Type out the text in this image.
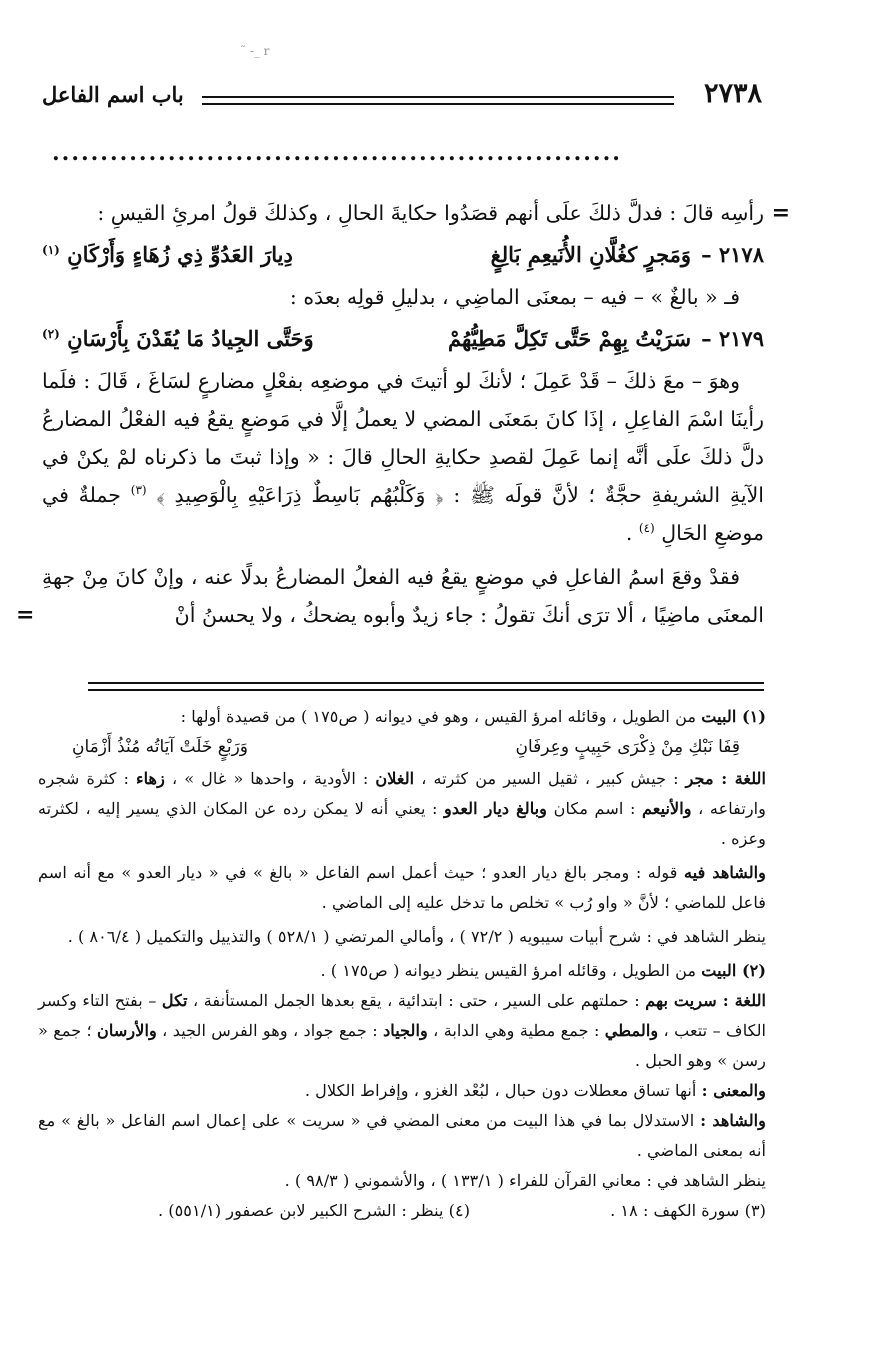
˜ -_ r
باب اسم الفاعل	٢٧٣٨
...........................................................

=
رأسِه قالَ : فدلَّ ذلكَ علَى أنهم قصَدُوا حكايةَ الحالِ ، وكذلكَ قولُ امرئِ القيسِ :

٢١٧٨ –
وَمَجرٍ كغُلَّانِ الأُنَيعِمِ بَالِغٍ
دِيارَ العَدُوِّ ذِي زُهَاءٍ وَأَرْكَانِ $^{(١)}$

فـ « بالغٌ » – فيه – بمعنَى الماضِي ، بدليلِ قولِه بعدَه :

٢١٧٩ –
سَرَيْتُ بِهِمْ حَتَّى تَكِلَّ مَطِيُّهُمْ
وَحَتَّى الجِيادُ مَا يُقَدْنَ بِأَرْسَانِ $^{(٢)}$

وهوَ – معَ ذلكَ – قَدْ عَمِلَ ؛ لأنكَ لو أتيتَ في موضعِه بفعْلٍ مضارعٍ لسَاغَ ، قَالَ : فلَما رأينَا اسْمَ الفاعِلِ ، إذَا كانَ بمَعنَى المضي لا يعملُ إلَّا في مَوضعٍ يقعُ فيه الفعْلُ المضارعُ دلَّ ذلكَ علَى أنَّه إنما عَمِلَ لقصدِ حكايةِ الحالِ قالَ : « وإذا ثبتَ ما ذكرناه لمْ يكنْ في الآيةِ الشريفةِ حجَّةٌ ؛ لأنَّ قولَه ﷺ : ﴿ وَكَلْبُهُم بَاسِطٌ ذِرَاعَيْهِ بِالْوَصِيدِ ﴾ $^{(٣)}$ جملةٌ في موضعِ الحَالِ $^{(٤)}$ .

فقدْ وقعَ اسمُ الفاعلِ في موضعٍ يقعُ فيه الفعلُ المضارعُ بدلًا عنه ، وإنْ كانَ مِنْ جهةِ المعنَى ماضِيًا ، ألا ترَى أنكَ تقولُ : جاء زيدٌ وأبوه يضحكُ ، ولا يحسنُ أنْ
=

(١) البيت من الطويل ، وقائله امرؤ القيس ، وهو في ديوانه ( ص١٧٥ ) من قصيدة أولها :

قِفَا نَبْكِ مِنْ ذِكْرَى حَبِيبٍ وعِرفَانِ
وَرَبْعٍ خَلَتْ آيَاتُه مُنْذُ أَزْمَانِ

اللغة : مجر : جيش كبير ، ثقيل السير من كثرته ، الغلان : الأودية ، واحدها « غال » ، زهاء : كثرة شجره وارتفاعه ، والأنيعم : اسم مكان وبالغ ديار العدو : يعني أنه لا يمكن رده عن المكان الذي يسير إليه ، لكثرته وعزه .

والشاهد فيه قوله : ومجر بالغ ديار العدو ؛ حيث أعمل اسم الفاعل « بالغ » في « ديار العدو » مع أنه اسم فاعل للماضي ؛ لأنَّ « واو رُب » تخلص ما تدخل عليه إلى الماضي .

ينظر الشاهد في : شرح أبيات سيبويه ( ٧٢/٢ ) ، وأمالي المرتضي ( ٥٢٨/١ ) والتذييل والتكميل ( ٨٠٦/٤ ) .

(٢) البيت من الطويل ، وقائله امرؤ القيس ينظر ديوانه ( ص١٧٥ ) .

اللغة : سريت بهم : حملتهم على السير ، حتى : ابتدائية ، يقع بعدها الجمل المستأنفة ، تكل – بفتح التاء وكسر الكاف – تتعب ، والمطي : جمع مطية وهي الدابة ، والجياد : جمع جواد ، وهو الفرس الجيد ، والأرسان ؛ جمع « رسن » وهو الحبل .

والمعنى : أنها تساق معطلات دون حبال ، لبُعْد الغزو ، وإفراط الكلال .

والشاهد : الاستدلال بما في هذا البيت من معنى المضي في « سريت » على إعمال اسم الفاعل « بالغ » مع أنه بمعنى الماضي .

ينظر الشاهد في : معاني القرآن للفراء ( ١٣٣/١ ) ، والأشموني ( ٩٨/٣ ) .

(٣) سورة الكهف : ١٨ .
(٤) ينظر : الشرح الكبير لابن عصفور (٥٥١/١) .
